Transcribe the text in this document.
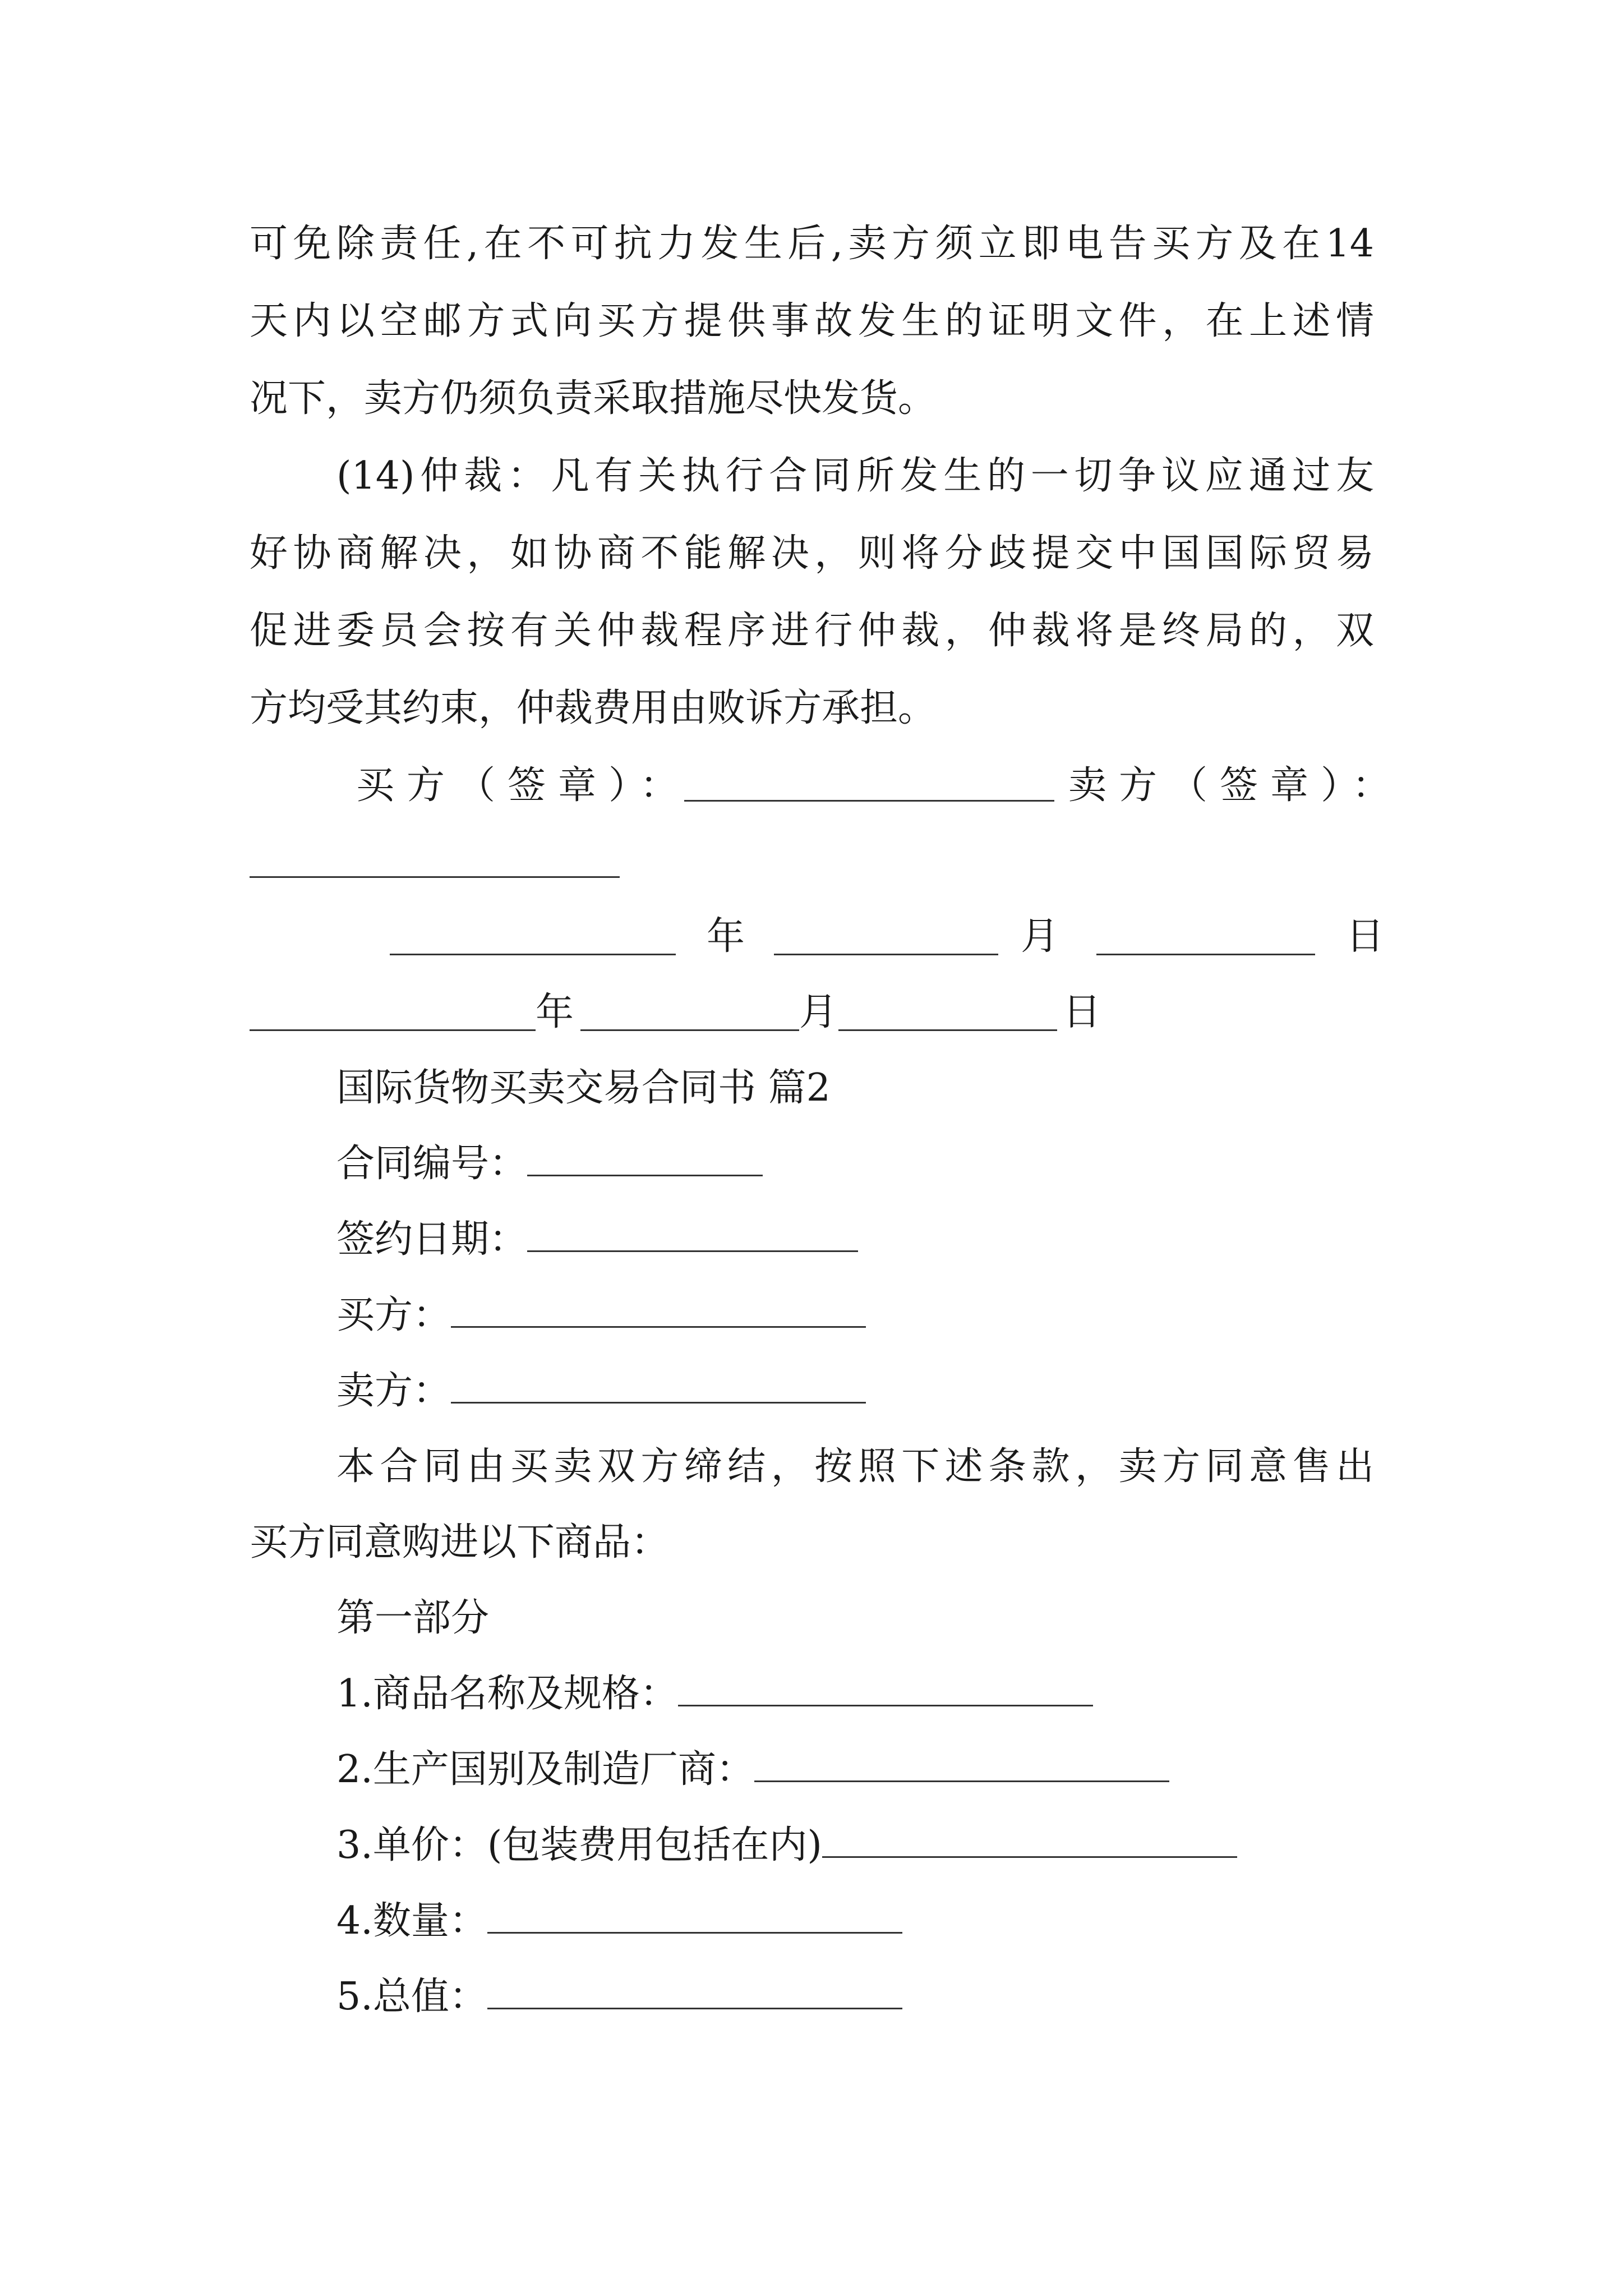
可免除责任,在不可抗力发生后,卖方须立即电告买方及在14
天内以空邮方式向买方提供事故发生的证明文件，在上述情
况下，卖方仍须负责采取措施尽快发货。
(14)仲裁：凡有关执行合同所发生的一切争议应通过友
好协商解决，如协商不能解决，则将分歧提交中国国际贸易
促进委员会按有关仲裁程序进行仲裁，仲裁将是终局的，双
方均受其约束，仲裁费用由败诉方承担。
买方（签章）：	卖方（签章）：
年	月	日
年	月	日
国际货物买卖交易合同书 篇2
合同编号：
签约日期：
买方：
卖方：
本合同由买卖双方缔结，按照下述条款，卖方同意售出
买方同意购进以下商品：
第一部分
1.商品名称及规格：
2.生产国别及制造厂商：
3.单价：(包装费用包括在内)
4.数量：
5.总值：
